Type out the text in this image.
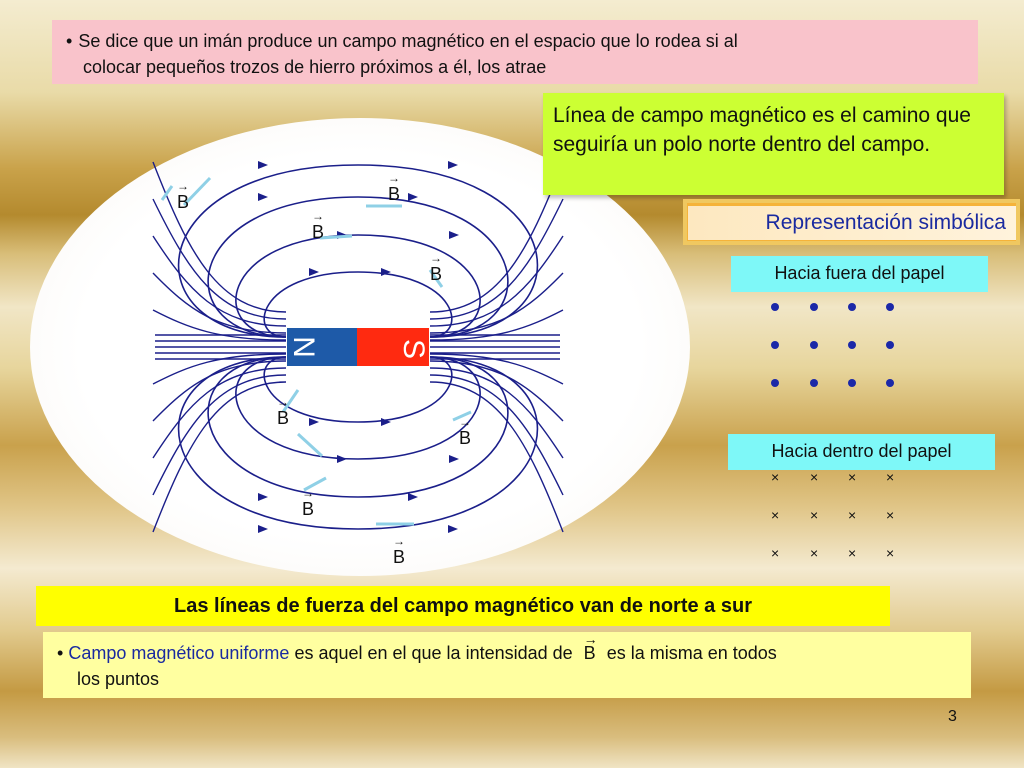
• Se dice que un imán produce un campo magnético en el espacio que lo rodea si al
colocar pequeños trozos de hierro próximos a él, los atrae
N	S
→
B
→
B
→
B
→
B
→
B	→
B
→
B
→
B
Línea de campo magnético es el camino que seguiría un polo norte dentro del campo.
Representación simbólica
Hacia fuera del papel
Hacia dentro del papel
× × × ×
× × × ×
× × × ×
Las líneas de fuerza del campo magnético van de norte a sur
• Campo magnético uniforme es aquel en el que la intensidad de
→
B es la misma en todos
los puntos
3
